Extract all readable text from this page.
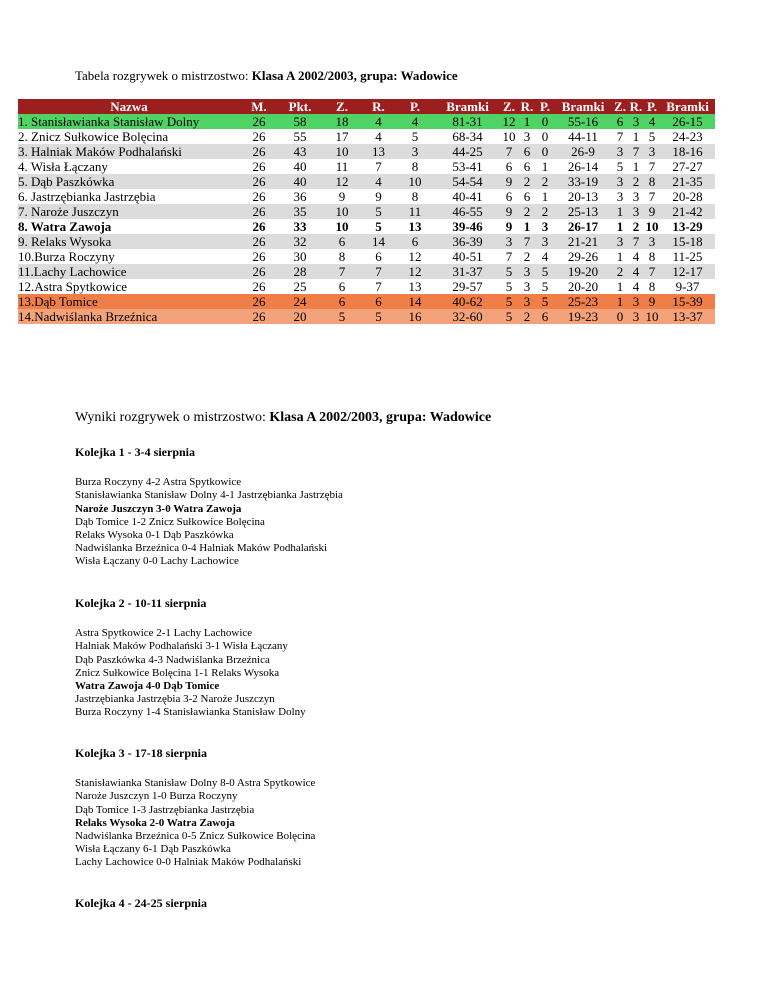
Tabela rozgrywek o mistrzostwo: Klasa A 2002/2003, grupa: Wadowice
Nazwa	M.	Pkt.	Z.	R.	P.	Bramki	Z.	R.	P.	Bramki	Z.	R.	P.	Bramki
1. Stanisławianka Stanisław Dolny	26	58	18	4	4	81-31	12	1	0	55-16	6	3	4	26-15
2. Znicz Sułkowice Bolęcina	26	55	17	4	5	68-34	10	3	0	44-11	7	1	5	24-23
3. Halniak Maków Podhalański	26	43	10	13	3	44-25	7	6	0	26-9	3	7	3	18-16
4. Wisła Łączany	26	40	11	7	8	53-41	6	6	1	26-14	5	1	7	27-27
5. Dąb Paszkówka	26	40	12	4	10	54-54	9	2	2	33-19	3	2	8	21-35
6. Jastrzębianka Jastrzębia	26	36	9	9	8	40-41	6	6	1	20-13	3	3	7	20-28
7. Naroże Juszczyn	26	35	10	5	11	46-55	9	2	2	25-13	1	3	9	21-42
8. Watra Zawoja	26	33	10	5	13	39-46	9	1	3	26-17	1	2	10	13-29
9. Relaks Wysoka	26	32	6	14	6	36-39	3	7	3	21-21	3	7	3	15-18
10.Burza Roczyny	26	30	8	6	12	40-51	7	2	4	29-26	1	4	8	11-25
11.Lachy Lachowice	26	28	7	7	12	31-37	5	3	5	19-20	2	4	7	12-17
12.Astra Spytkowice	26	25	6	7	13	29-57	5	3	5	20-20	1	4	8	9-37
13.Dąb Tomice	26	24	6	6	14	40-62	5	3	5	25-23	1	3	9	15-39
14.Nadwiślanka Brzeźnica	26	20	5	5	16	32-60	5	2	6	19-23	0	3	10	13-37
Wyniki rozgrywek o mistrzostwo: Klasa A 2002/2003, grupa: Wadowice
Kolejka 1 - 3-4 sierpnia
Burza Roczyny 4-2 Astra Spytkowice
Stanisławianka Stanisław Dolny 4-1 Jastrzębianka Jastrzębia
Naroże Juszczyn 3-0 Watra Zawoja
Dąb Tomice 1-2 Znicz Sułkowice Bolęcina
Relaks Wysoka 0-1 Dąb Paszkówka
Nadwiślanka Brzeźnica 0-4 Halniak Maków Podhalański
Wisła Łączany 0-0 Lachy Lachowice
Kolejka 2 - 10-11 sierpnia
Astra Spytkowice 2-1 Lachy Lachowice
Halniak Maków Podhalański 3-1 Wisła Łączany
Dąb Paszkówka 4-3 Nadwiślanka Brzeźnica
Znicz Sułkowice Bolęcina 1-1 Relaks Wysoka
Watra Zawoja 4-0 Dąb Tomice
Jastrzębianka Jastrzębia 3-2 Naroże Juszczyn
Burza Roczyny 1-4 Stanisławianka Stanisław Dolny
Kolejka 3 - 17-18 sierpnia
Stanisławianka Stanisław Dolny 8-0 Astra Spytkowice
Naroże Juszczyn 1-0 Burza Roczyny
Dąb Tomice 1-3 Jastrzębianka Jastrzębia
Relaks Wysoka 2-0 Watra Zawoja
Nadwiślanka Brzeźnica 0-5 Znicz Sułkowice Bolęcina
Wisła Łączany 6-1 Dąb Paszkówka
Lachy Lachowice 0-0 Halniak Maków Podhalański
Kolejka 4 - 24-25 sierpnia
